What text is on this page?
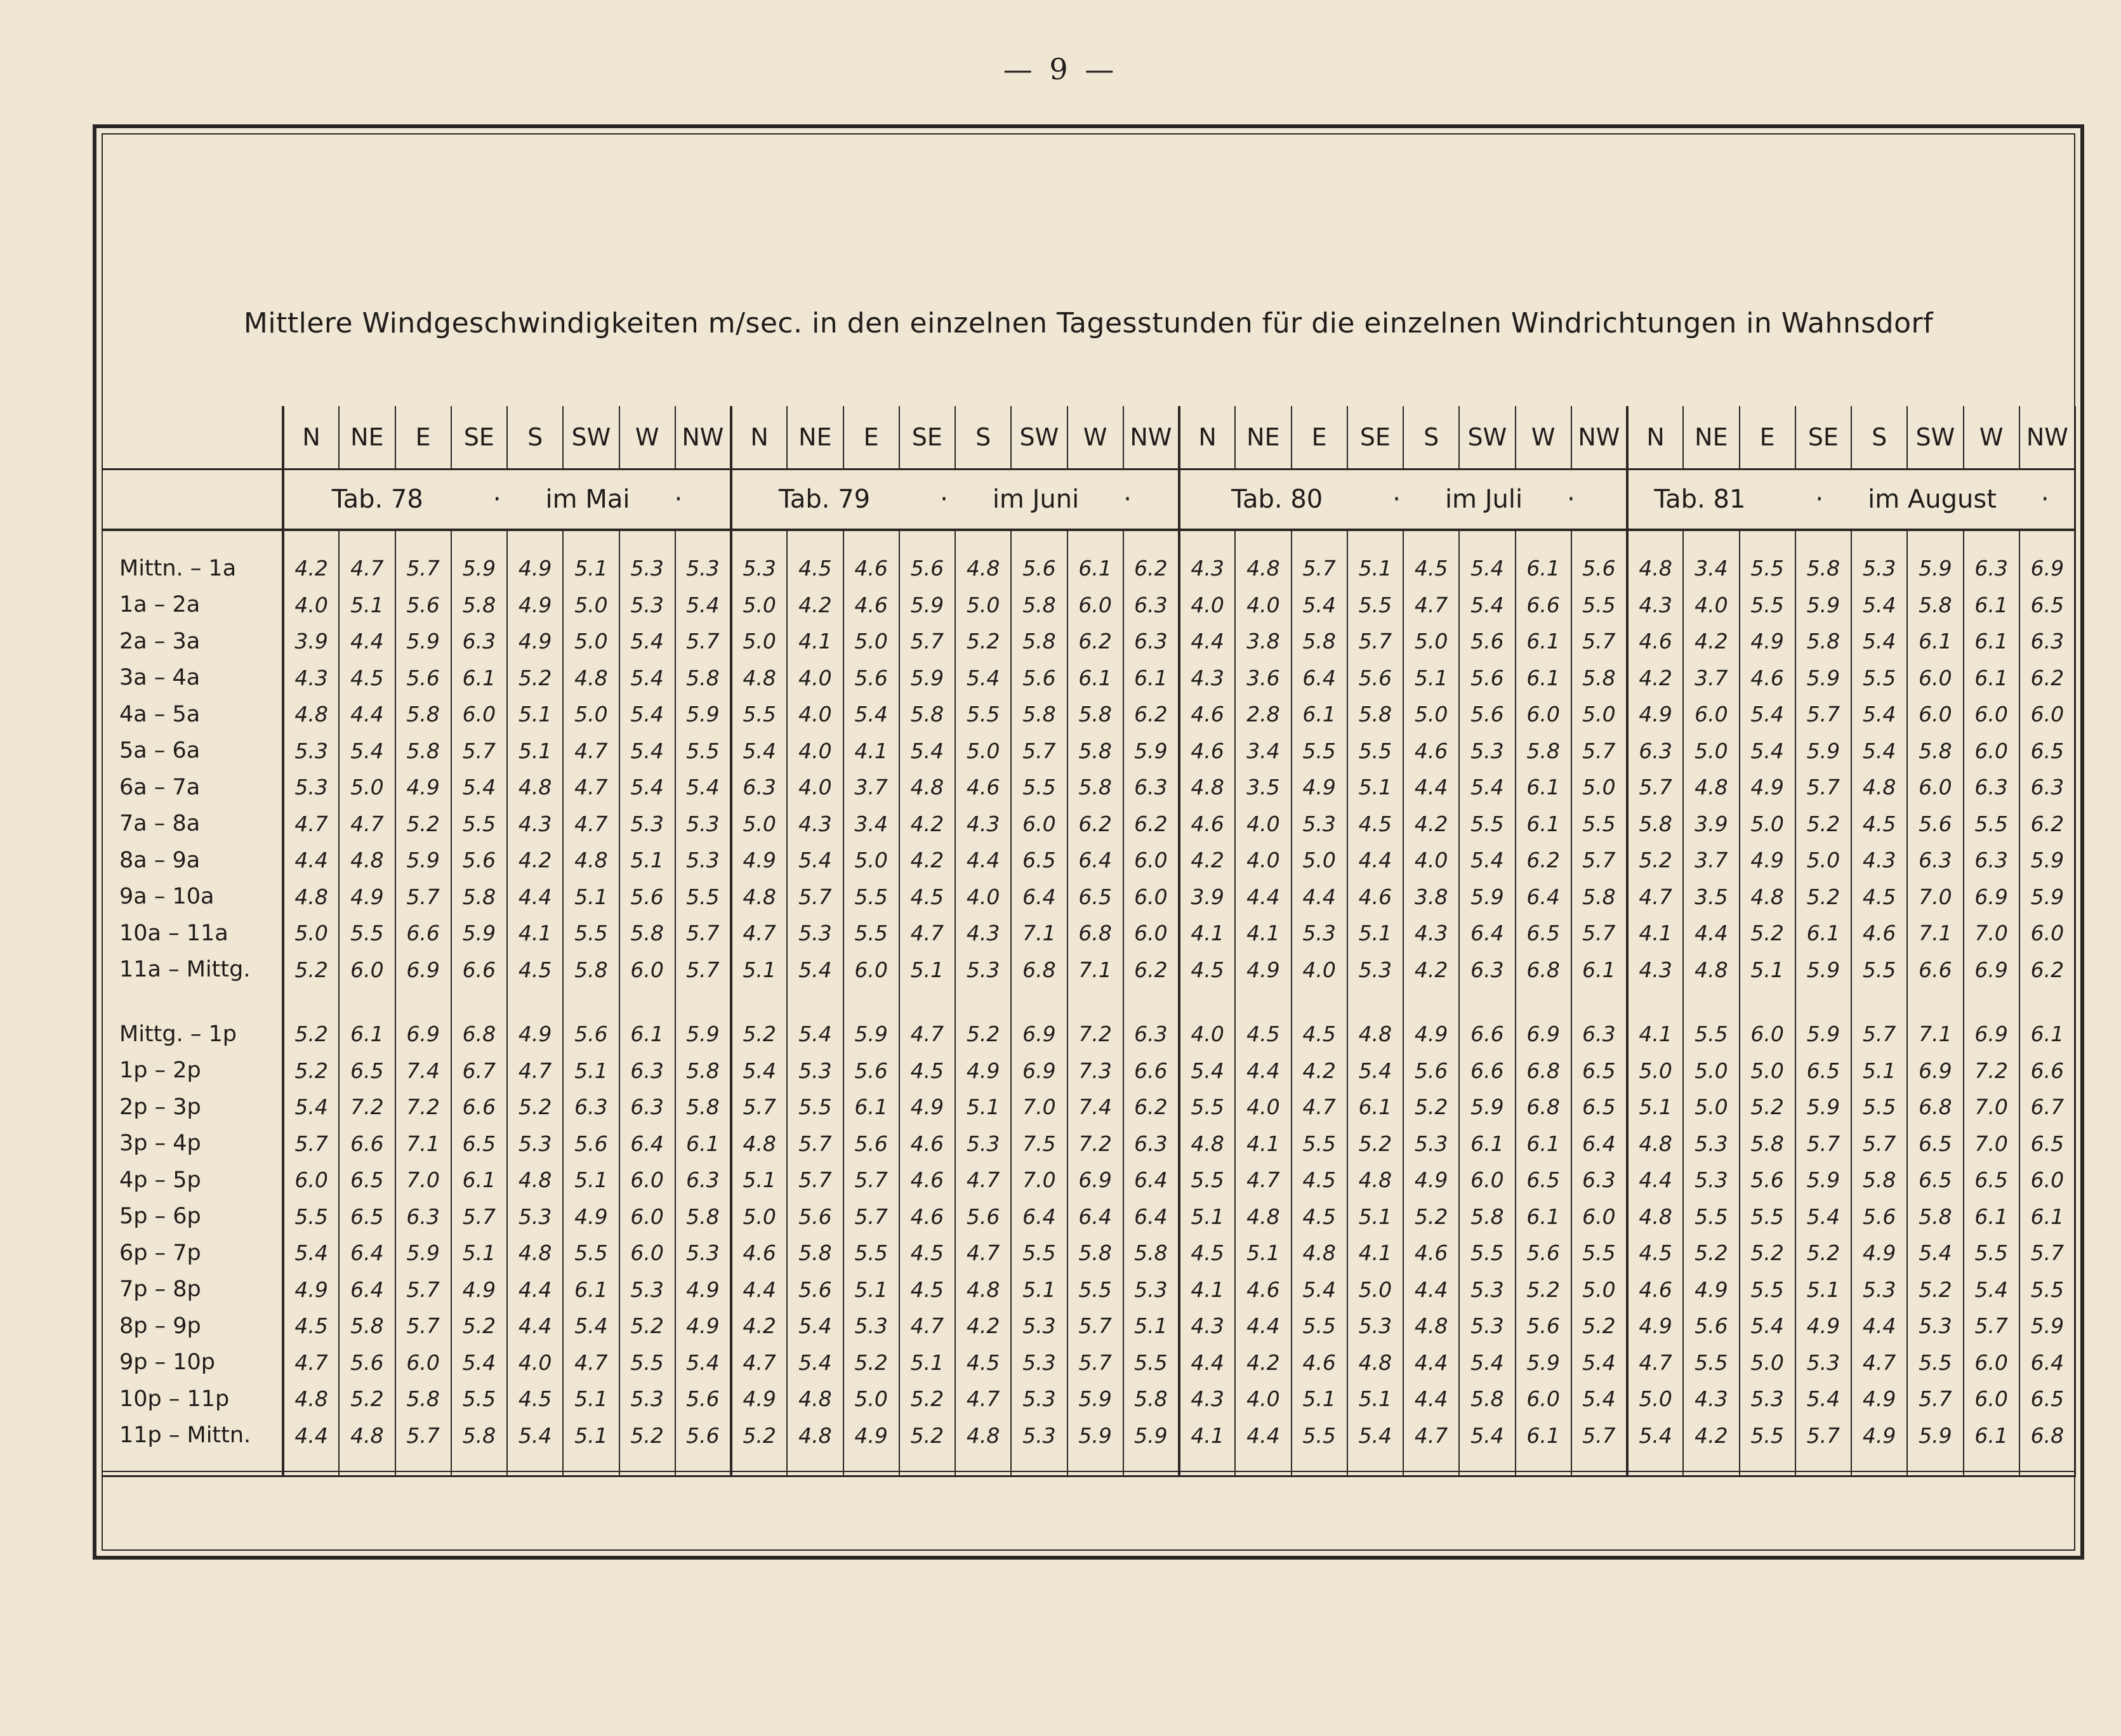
— 9 —
Mittlere Windgeschwindigkeiten m/sec. in den einzelnen Tagesstunden für die einzelnen Windrichtungen in Wahnsdorf
	N	NE	E	SE	S	SW	W	NW	N	NE	E	SE	S	SW	W	NW	N	NE	E	SE	S	SW	W	NW	N	NE	E	SE	S	SW	W	NW
	Tab. 78 · im Mai ·								Tab. 79 · im Juni ·								Tab. 80 · im Juli ·								Tab. 81 · im August ·							
Mittn. – 1a	4.2	4.7	5.7	5.9	4.9	5.1	5.3	5.3	5.3	4.5	4.6	5.6	4.8	5.6	6.1	6.2	4.3	4.8	5.7	5.1	4.5	5.4	6.1	5.6	4.8	3.4	5.5	5.8	5.3	5.9	6.3	6.9
1a – 2a	4.0	5.1	5.6	5.8	4.9	5.0	5.3	5.4	5.0	4.2	4.6	5.9	5.0	5.8	6.0	6.3	4.0	4.0	5.4	5.5	4.7	5.4	6.6	5.5	4.3	4.0	5.5	5.9	5.4	5.8	6.1	6.5
2a – 3a	3.9	4.4	5.9	6.3	4.9	5.0	5.4	5.7	5.0	4.1	5.0	5.7	5.2	5.8	6.2	6.3	4.4	3.8	5.8	5.7	5.0	5.6	6.1	5.7	4.6	4.2	4.9	5.8	5.4	6.1	6.1	6.3
3a – 4a	4.3	4.5	5.6	6.1	5.2	4.8	5.4	5.8	4.8	4.0	5.6	5.9	5.4	5.6	6.1	6.1	4.3	3.6	6.4	5.6	5.1	5.6	6.1	5.8	4.2	3.7	4.6	5.9	5.5	6.0	6.1	6.2
4a – 5a	4.8	4.4	5.8	6.0	5.1	5.0	5.4	5.9	5.5	4.0	5.4	5.8	5.5	5.8	5.8	6.2	4.6	2.8	6.1	5.8	5.0	5.6	6.0	5.0	4.9	6.0	5.4	5.7	5.4	6.0	6.0	6.0
5a – 6a	5.3	5.4	5.8	5.7	5.1	4.7	5.4	5.5	5.4	4.0	4.1	5.4	5.0	5.7	5.8	5.9	4.6	3.4	5.5	5.5	4.6	5.3	5.8	5.7	6.3	5.0	5.4	5.9	5.4	5.8	6.0	6.5
6a – 7a	5.3	5.0	4.9	5.4	4.8	4.7	5.4	5.4	6.3	4.0	3.7	4.8	4.6	5.5	5.8	6.3	4.8	3.5	4.9	5.1	4.4	5.4	6.1	5.0	5.7	4.8	4.9	5.7	4.8	6.0	6.3	6.3
7a – 8a	4.7	4.7	5.2	5.5	4.3	4.7	5.3	5.3	5.0	4.3	3.4	4.2	4.3	6.0	6.2	6.2	4.6	4.0	5.3	4.5	4.2	5.5	6.1	5.5	5.8	3.9	5.0	5.2	4.5	5.6	5.5	6.2
8a – 9a	4.4	4.8	5.9	5.6	4.2	4.8	5.1	5.3	4.9	5.4	5.0	4.2	4.4	6.5	6.4	6.0	4.2	4.0	5.0	4.4	4.0	5.4	6.2	5.7	5.2	3.7	4.9	5.0	4.3	6.3	6.3	5.9
9a – 10a	4.8	4.9	5.7	5.8	4.4	5.1	5.6	5.5	4.8	5.7	5.5	4.5	4.0	6.4	6.5	6.0	3.9	4.4	4.4	4.6	3.8	5.9	6.4	5.8	4.7	3.5	4.8	5.2	4.5	7.0	6.9	5.9
10a – 11a	5.0	5.5	6.6	5.9	4.1	5.5	5.8	5.7	4.7	5.3	5.5	4.7	4.3	7.1	6.8	6.0	4.1	4.1	5.3	5.1	4.3	6.4	6.5	5.7	4.1	4.4	5.2	6.1	4.6	7.1	7.0	6.0
11a – Mittg.	5.2	6.0	6.9	6.6	4.5	5.8	6.0	5.7	5.1	5.4	6.0	5.1	5.3	6.8	7.1	6.2	4.5	4.9	4.0	5.3	4.2	6.3	6.8	6.1	4.3	4.8	5.1	5.9	5.5	6.6	6.9	6.2
Mittg. – 1p	5.2	6.1	6.9	6.8	4.9	5.6	6.1	5.9	5.2	5.4	5.9	4.7	5.2	6.9	7.2	6.3	4.0	4.5	4.5	4.8	4.9	6.6	6.9	6.3	4.1	5.5	6.0	5.9	5.7	7.1	6.9	6.1
1p – 2p	5.2	6.5	7.4	6.7	4.7	5.1	6.3	5.8	5.4	5.3	5.6	4.5	4.9	6.9	7.3	6.6	5.4	4.4	4.2	5.4	5.6	6.6	6.8	6.5	5.0	5.0	5.0	6.5	5.1	6.9	7.2	6.6
2p – 3p	5.4	7.2	7.2	6.6	5.2	6.3	6.3	5.8	5.7	5.5	6.1	4.9	5.1	7.0	7.4	6.2	5.5	4.0	4.7	6.1	5.2	5.9	6.8	6.5	5.1	5.0	5.2	5.9	5.5	6.8	7.0	6.7
3p – 4p	5.7	6.6	7.1	6.5	5.3	5.6	6.4	6.1	4.8	5.7	5.6	4.6	5.3	7.5	7.2	6.3	4.8	4.1	5.5	5.2	5.3	6.1	6.1	6.4	4.8	5.3	5.8	5.7	5.7	6.5	7.0	6.5
4p – 5p	6.0	6.5	7.0	6.1	4.8	5.1	6.0	6.3	5.1	5.7	5.7	4.6	4.7	7.0	6.9	6.4	5.5	4.7	4.5	4.8	4.9	6.0	6.5	6.3	4.4	5.3	5.6	5.9	5.8	6.5	6.5	6.0
5p – 6p	5.5	6.5	6.3	5.7	5.3	4.9	6.0	5.8	5.0	5.6	5.7	4.6	5.6	6.4	6.4	6.4	5.1	4.8	4.5	5.1	5.2	5.8	6.1	6.0	4.8	5.5	5.5	5.4	5.6	5.8	6.1	6.1
6p – 7p	5.4	6.4	5.9	5.1	4.8	5.5	6.0	5.3	4.6	5.8	5.5	4.5	4.7	5.5	5.8	5.8	4.5	5.1	4.8	4.1	4.6	5.5	5.6	5.5	4.5	5.2	5.2	5.2	4.9	5.4	5.5	5.7
7p – 8p	4.9	6.4	5.7	4.9	4.4	6.1	5.3	4.9	4.4	5.6	5.1	4.5	4.8	5.1	5.5	5.3	4.1	4.6	5.4	5.0	4.4	5.3	5.2	5.0	4.6	4.9	5.5	5.1	5.3	5.2	5.4	5.5
8p – 9p	4.5	5.8	5.7	5.2	4.4	5.4	5.2	4.9	4.2	5.4	5.3	4.7	4.2	5.3	5.7	5.1	4.3	4.4	5.5	5.3	4.8	5.3	5.6	5.2	4.9	5.6	5.4	4.9	4.4	5.3	5.7	5.9
9p – 10p	4.7	5.6	6.0	5.4	4.0	4.7	5.5	5.4	4.7	5.4	5.2	5.1	4.5	5.3	5.7	5.5	4.4	4.2	4.6	4.8	4.4	5.4	5.9	5.4	4.7	5.5	5.0	5.3	4.7	5.5	6.0	6.4
10p – 11p	4.8	5.2	5.8	5.5	4.5	5.1	5.3	5.6	4.9	4.8	5.0	5.2	4.7	5.3	5.9	5.8	4.3	4.0	5.1	5.1	4.4	5.8	6.0	5.4	5.0	4.3	5.3	5.4	4.9	5.7	6.0	6.5
11p – Mittn.	4.4	4.8	5.7	5.8	5.4	5.1	5.2	5.6	5.2	4.8	4.9	5.2	4.8	5.3	5.9	5.9	4.1	4.4	5.5	5.4	4.7	5.4	6.1	5.7	5.4	4.2	5.5	5.7	4.9	5.9	6.1	6.8
